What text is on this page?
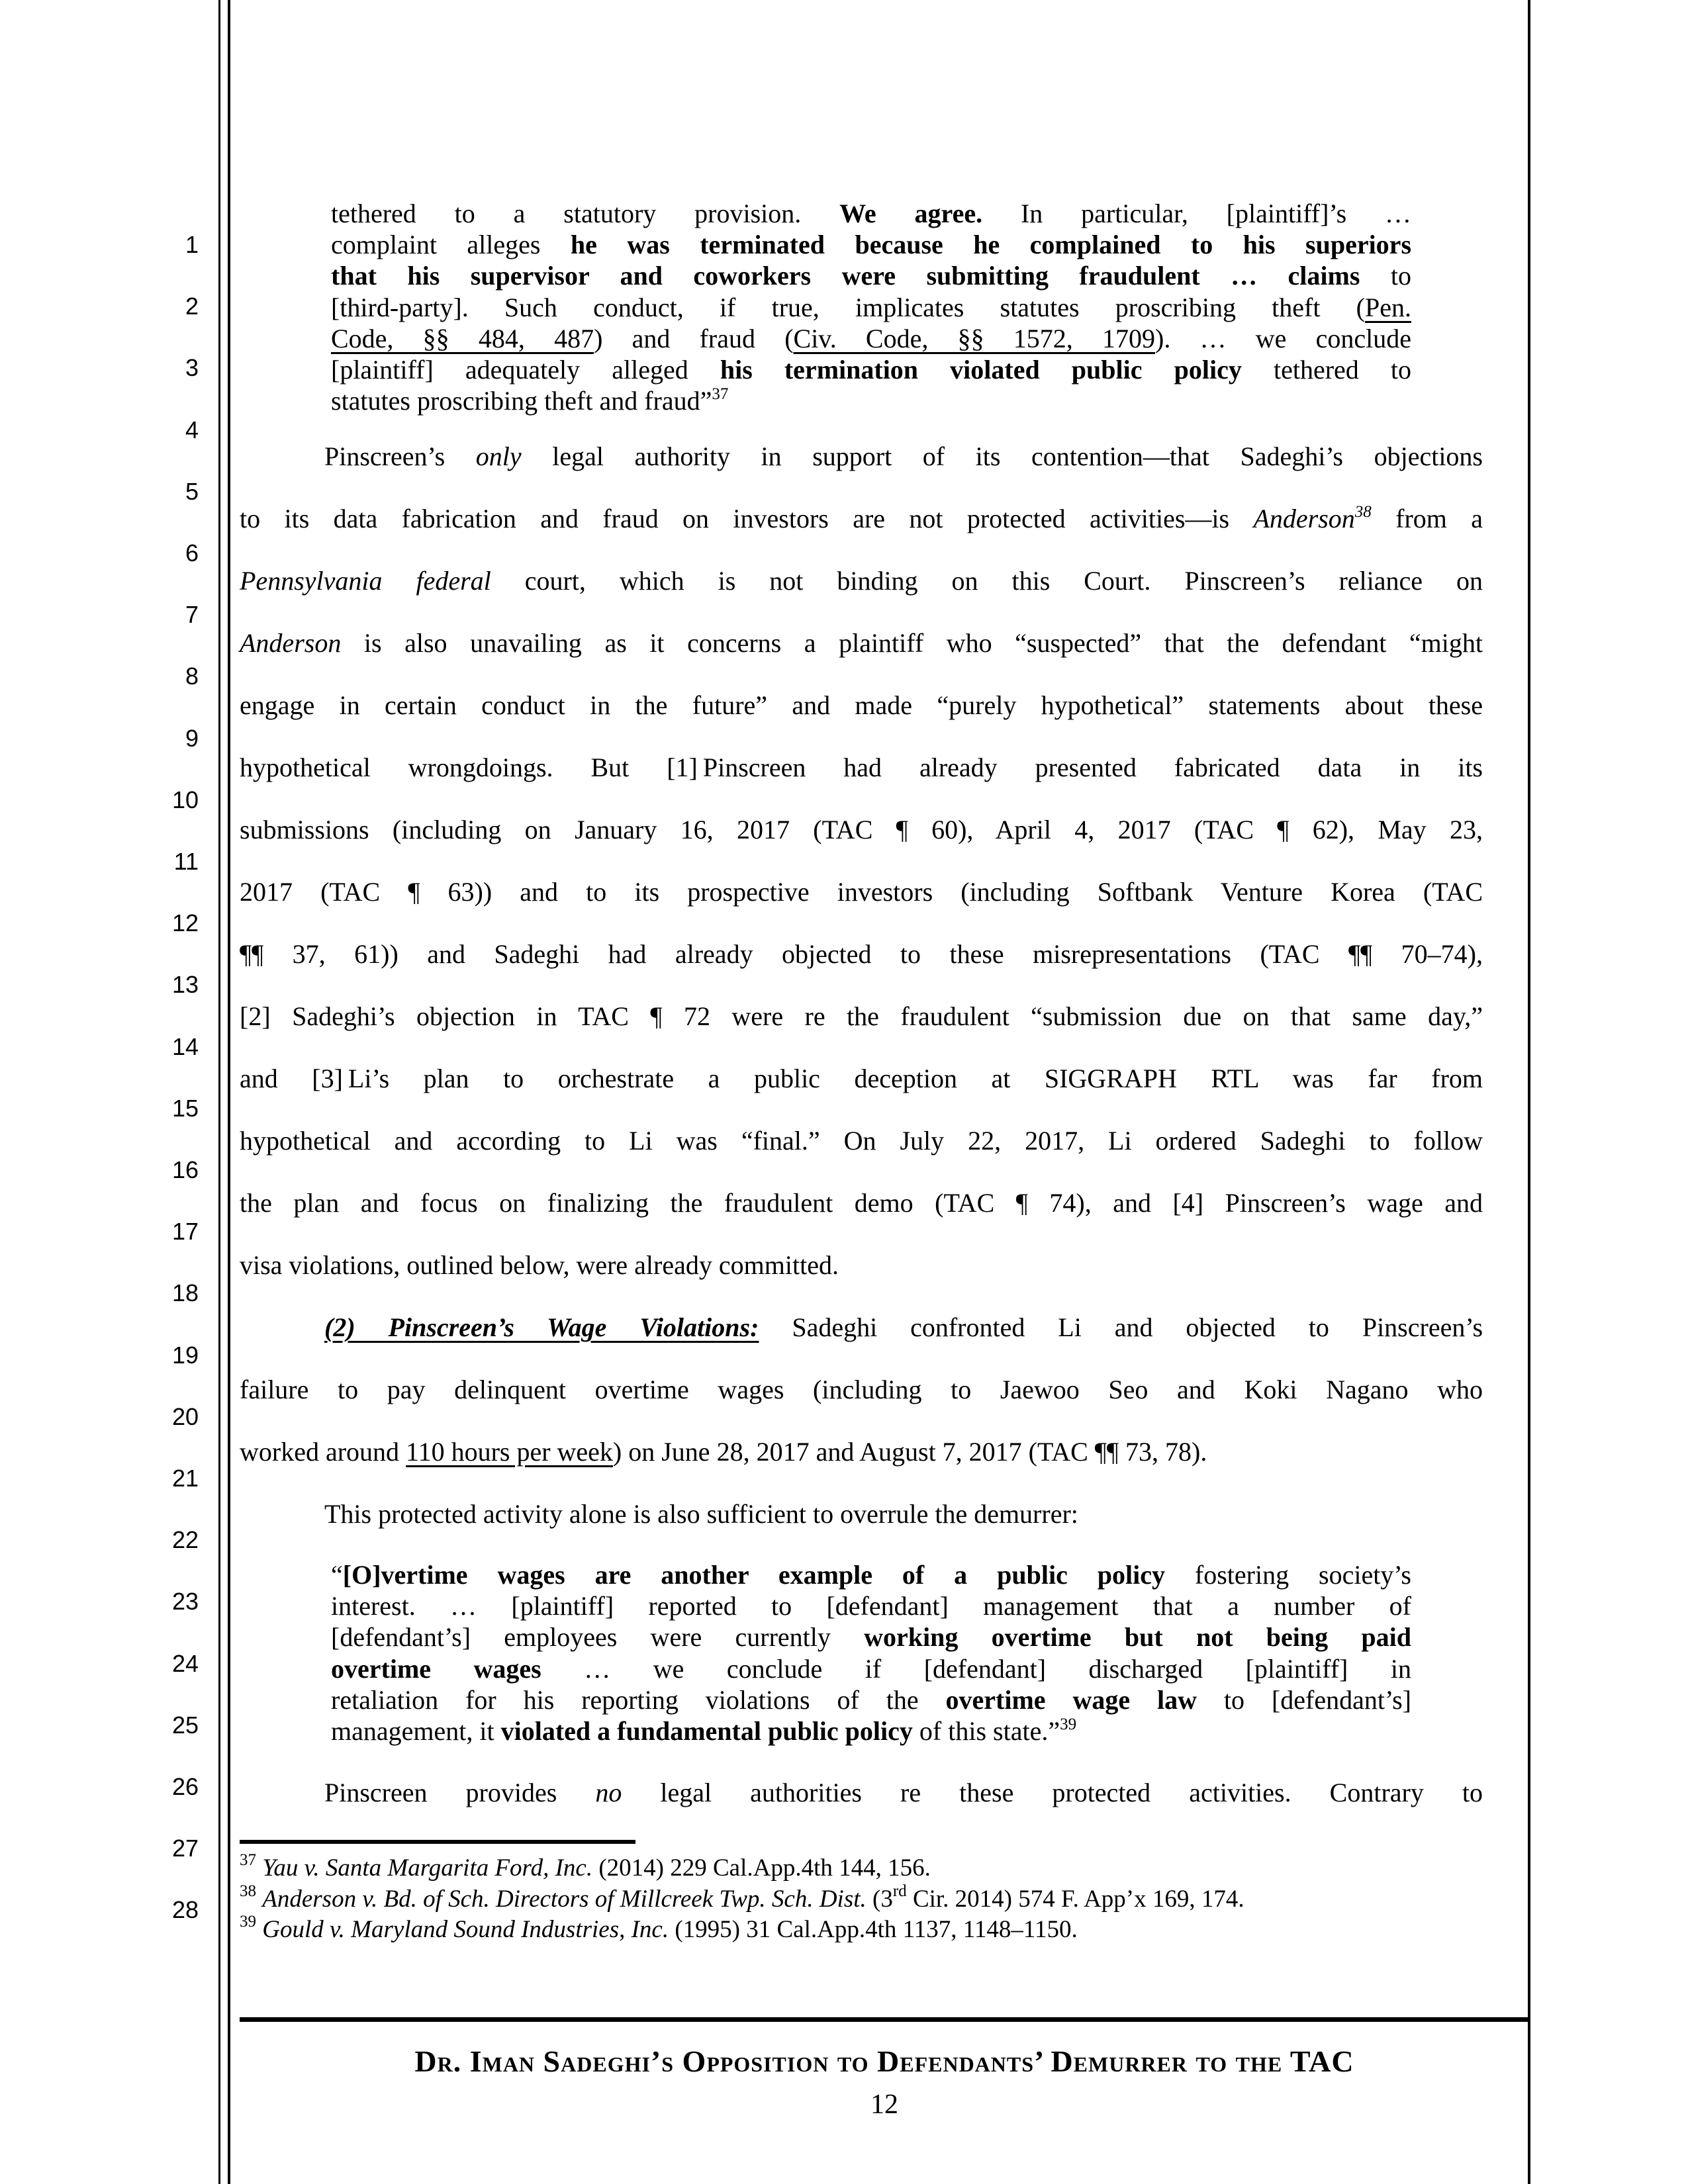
1
2
3
4
5
6
7
8
9
10
11
12
13
14
15
16
17
18
19
20
21
22
23
24
25
26
27
28
tethered to a statutory provision. We agree. In particular, [plaintiff]’s …
complaint alleges he was terminated because he complained to his superiors
that his supervisor and coworkers were submitting fraudulent … claims to
[third-party]. Such conduct, if true, implicates statutes proscribing theft (Pen.
Code, §§ 484, 487) and fraud (Civ. Code, §§ 1572, 1709). … we conclude
[plaintiff] adequately alleged his termination violated public policy tethered to
statutes proscribing theft and fraud”$^{37}$
Pinscreen’s only legal authority in support of its contention—that Sadeghi’s objections
to its data fabrication and fraud on investors are not protected activities—is Anderson$^{38}$ from a
Pennsylvania federal court, which is not binding on this Court. Pinscreen’s reliance on
Anderson is also unavailing as it concerns a plaintiff who “suspected” that the defendant “might
engage in certain conduct in the future” and made “purely hypothetical” statements about these
hypothetical wrongdoings. But [1] Pinscreen had already presented fabricated data in its
submissions (including on January 16, 2017 (TAC ¶ 60), April 4, 2017 (TAC ¶ 62), May 23,
2017 (TAC ¶ 63)) and to its prospective investors (including Softbank Venture Korea (TAC
¶¶ 37, 61)) and Sadeghi had already objected to these misrepresentations (TAC ¶¶ 70–74),
[2] Sadeghi’s objection in TAC ¶ 72 were re the fraudulent “submission due on that same day,”
and [3] Li’s plan to orchestrate a public deception at SIGGRAPH RTL was far from
hypothetical and according to Li was “final.” On July 22, 2017, Li ordered Sadeghi to follow
the plan and focus on finalizing the fraudulent demo (TAC ¶ 74), and [4] Pinscreen’s wage and
visa violations, outlined below, were already committed.
(2) Pinscreen’s Wage Violations: Sadeghi confronted Li and objected to Pinscreen’s
failure to pay delinquent overtime wages (including to Jaewoo Seo and Koki Nagano who
worked around 110 hours per week) on June 28, 2017 and August 7, 2017 (TAC ¶¶ 73, 78).
This protected activity alone is also sufficient to overrule the demurrer:
“[O]vertime wages are another example of a public policy fostering society’s
interest. … [plaintiff] reported to [defendant] management that a number of
[defendant’s] employees were currently working overtime but not being paid
overtime wages … we conclude if [defendant] discharged [plaintiff] in
retaliation for his reporting violations of the overtime wage law to [defendant’s]
management, it violated a fundamental public policy of this state.”$^{39}$
Pinscreen provides no legal authorities re these protected activities. Contrary to
$^{37}$ Yau v. Santa Margarita Ford, Inc. (2014) 229 Cal.App.4th 144, 156.
$^{38}$ Anderson v. Bd. of Sch. Directors of Millcreek Twp. Sch. Dist. (3rd Cir. 2014) 574 F. App’x 169, 174.
$^{39}$ Gould v. Maryland Sound Industries, Inc. (1995) 31 Cal.App.4th 1137, 1148–1150.
Dr. Iman Sadeghi’s Opposition to Defendants’ Demurrer to the TAC
12
